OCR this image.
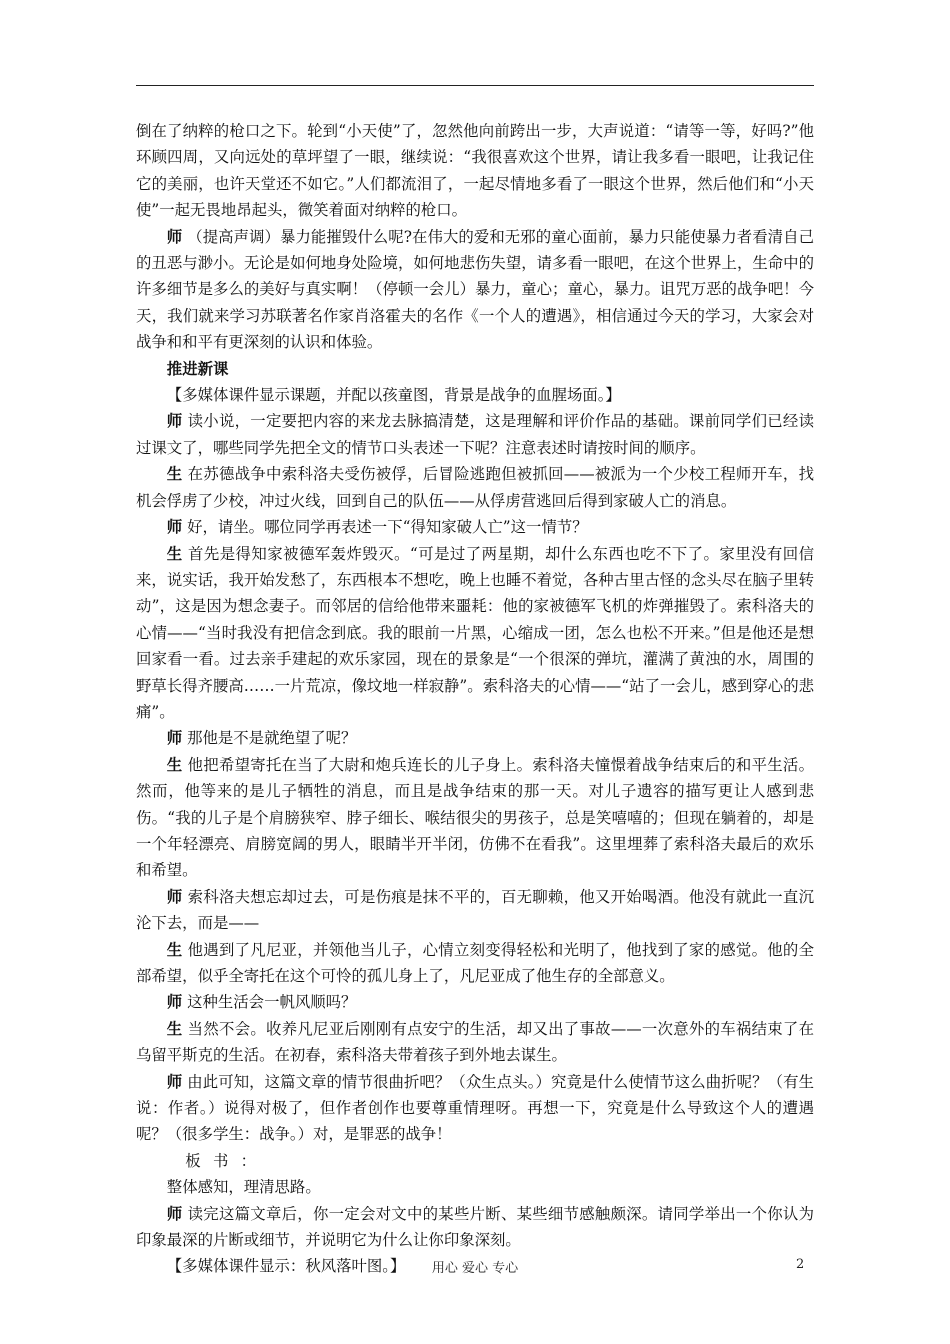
倒在了纳粹的枪口之下。轮到“小天使”了，忽然他向前跨出一步，大声说道：“请等一等，好吗?”他环顾四周，又向远处的草坪望了一眼，继续说：“我很喜欢这个世界，请让我多看一眼吧，让我记住它的美丽，也许天堂还不如它。”人们都流泪了，一起尽情地多看了一眼这个世界，然后他们和“小天使”一起无畏地昂起头，微笑着面对纳粹的枪口。

师 （提高声调）暴力能摧毁什么呢?在伟大的爱和无邪的童心面前，暴力只能使暴力者看清自己的丑恶与渺小。无论是如何地身处险境，如何地悲伤失望，请多看一眼吧，在这个世界上，生命中的许多细节是多么的美好与真实啊！（停顿一会儿）暴力，童心；童心，暴力。诅咒万恶的战争吧！今天，我们就来学习苏联著名作家肖洛霍夫的名作《一个人的遭遇》，相信通过今天的学习，大家会对战争和和平有更深刻的认识和体验。

推进新课

【多媒体课件显示课题，并配以孩童图，背景是战争的血腥场面。】

师 读小说，一定要把内容的来龙去脉搞清楚，这是理解和评价作品的基础。课前同学们已经读过课文了，哪些同学先把全文的情节口头表述一下呢？注意表述时请按时间的顺序。

生 在苏德战争中索科洛夫受伤被俘，后冒险逃跑但被抓回——被派为一个少校工程师开车，找机会俘虏了少校，冲过火线，回到自己的队伍——从俘虏营逃回后得到家破人亡的消息。

师 好，请坐。哪位同学再表述一下“得知家破人亡”这一情节？

生 首先是得知家被德军轰炸毁灭。“可是过了两星期，却什么东西也吃不下了。家里没有回信来，说实话，我开始发愁了，东西根本不想吃，晚上也睡不着觉，各种古里古怪的念头尽在脑子里转动”，这是因为想念妻子。而邻居的信给他带来噩耗：他的家被德军飞机的炸弹摧毁了。索科洛夫的心情——“当时我没有把信念到底。我的眼前一片黑，心缩成一团，怎么也松不开来。”但是他还是想回家看一看。过去亲手建起的欢乐家园，现在的景象是“一个很深的弹坑，灌满了黄浊的水，周围的野草长得齐腰高……一片荒凉，像坟地一样寂静”。索科洛夫的心情——“站了一会儿，感到穿心的悲痛”。

师 那他是不是就绝望了呢？

生 他把希望寄托在当了大尉和炮兵连长的儿子身上。索科洛夫憧憬着战争结束后的和平生活。然而，他等来的是儿子牺牲的消息，而且是战争结束的那一天。对儿子遗容的描写更让人感到悲伤。“我的儿子是个肩膀狭窄、脖子细长、喉结很尖的男孩子，总是笑嘻嘻的；但现在躺着的，却是一个年轻漂亮、肩膀宽阔的男人，眼睛半开半闭，仿佛不在看我”。这里埋葬了索科洛夫最后的欢乐和希望。

师 索科洛夫想忘却过去，可是伤痕是抹不平的，百无聊赖，他又开始喝酒。他没有就此一直沉沦下去，而是——

生 他遇到了凡尼亚，并领他当儿子，心情立刻变得轻松和光明了，他找到了家的感觉。他的全部希望，似乎全寄托在这个可怜的孤儿身上了，凡尼亚成了他生存的全部意义。

师 这种生活会一帆风顺吗？

生 当然不会。收养凡尼亚后刚刚有点安宁的生活，却又出了事故——一次意外的车祸结束了在乌留平斯克的生活。在初春，索科洛夫带着孩子到外地去谋生。

师 由此可知，这篇文章的情节很曲折吧？（众生点头。）究竟是什么使情节这么曲折呢？（有生说：作者。）说得对极了，但作者创作也要尊重情理呀。再想一下，究竟是什么导致这个人的遭遇呢？（很多学生：战争。）对，是罪恶的战争！

板书：

整体感知，理清思路。

师 读完这篇文章后，你一定会对文中的某些片断、某些细节感触颇深。请同学举出一个你认为印象最深的片断或细节，并说明它为什么让你印象深刻。

【多媒体课件显示：秋风落叶图。】	用心 爱心 专心	2
